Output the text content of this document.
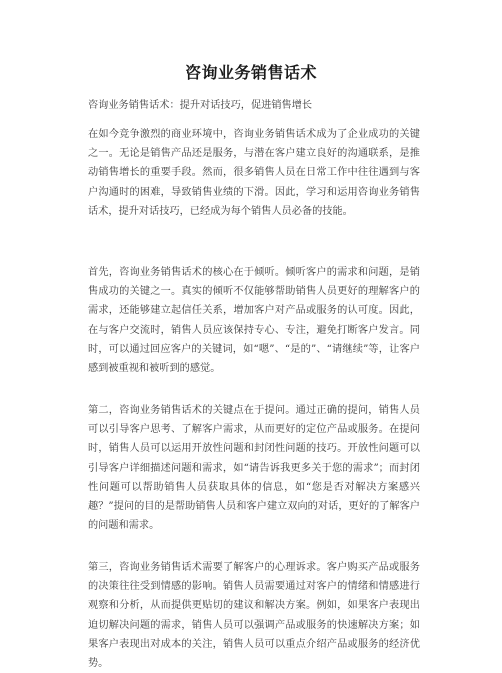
咨询业务销售话术

咨询业务销售话术：提升对话技巧，促进销售增长

在如今竞争激烈的商业环境中，咨询业务销售话术成为了企业成功的关键之一。无论是销售产品还是服务，与潜在客户建立良好的沟通联系，是推动销售增长的重要手段。然而，很多销售人员在日常工作中往往遇到与客户沟通时的困难，导致销售业绩的下滑。因此，学习和运用咨询业务销售话术，提升对话技巧，已经成为每个销售人员必备的技能。

首先，咨询业务销售话术的核心在于倾听。倾听客户的需求和问题，是销售成功的关键之一。真实的倾听不仅能够帮助销售人员更好的理解客户的需求，还能够建立起信任关系，增加客户对产品或服务的认可度。因此，在与客户交流时，销售人员应该保持专心、专注，避免打断客户发言。同时，可以通过回应客户的关键词，如“嗯”、“是的”、“请继续”等，让客户感到被重视和被听到的感觉。

第二，咨询业务销售话术的关键点在于提问。通过正确的提问，销售人员可以引导客户思考、了解客户需求，从而更好的定位产品或服务。在提问时，销售人员可以运用开放性问题和封闭性问题的技巧。开放性问题可以引导客户详细描述问题和需求，如“请告诉我更多关于您的需求”；而封闭性问题可以帮助销售人员获取具体的信息，如“您是否对解决方案感兴趣？”提问的目的是帮助销售人员和客户建立双向的对话，更好的了解客户的问题和需求。

第三，咨询业务销售话术需要了解客户的心理诉求。客户购买产品或服务的决策往往受到情感的影响。销售人员需要通过对客户的情绪和情感进行观察和分析，从而提供更贴切的建议和解决方案。例如，如果客户表现出迫切解决问题的需求，销售人员可以强调产品或服务的快速解决方案；如果客户表现出对成本的关注，销售人员可以重点介绍产品或服务的经济优势。
